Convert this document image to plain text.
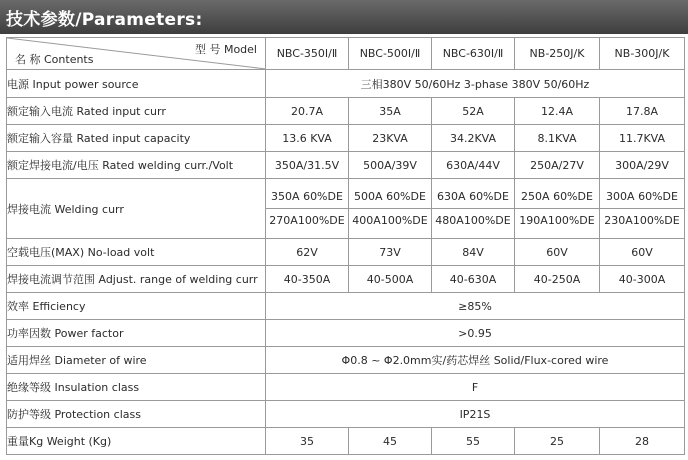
技术参数/Parameters:
型 号 Model
名 称 Contents	NBC-350Ⅰ/Ⅱ	NBC-500Ⅰ/Ⅱ	NBC-630Ⅰ/Ⅱ	NB-250J/K	NB-300J/K
电源 Input power source	三相380V 50/60Hz 3-phase 380V 50/60Hz				
额定输入电流 Rated input curr	20.7A	35A	52A	12.4A	17.8A
额定输入容量 Rated input capacity	13.6 KVA	23KVA	34.2KVA	8.1KVA	11.7KVA
额定焊接电流/电压 Rated welding curr./Volt	350A/31.5V	500A/39V	630A/44V	250A/27V	300A/29V
焊接电流 Welding curr	350A 60%DE	500A 60%DE	630A 60%DE	250A 60%DE	300A 60%DE
	270A100%DE	400A100%DE	480A100%DE	190A100%DE	230A100%DE
空载电压(MAX) No-load volt	62V	73V	84V	60V	60V
焊接电流调节范围 Adjust. range of welding curr	40-350A	40-500A	40-630A	40-250A	40-300A
效率 Efficiency	≥85%				
功率因数 Power factor	>0.95				
适用焊丝 Diameter of wire	Φ0.8 ~ Φ2.0mm实/药芯焊丝 Solid/Flux-cored wire				
绝缘等级 Insulation class	F				
防护等级 Protection class	IP21S				
重量Kg Weight (Kg)	35	45	55	25	28
